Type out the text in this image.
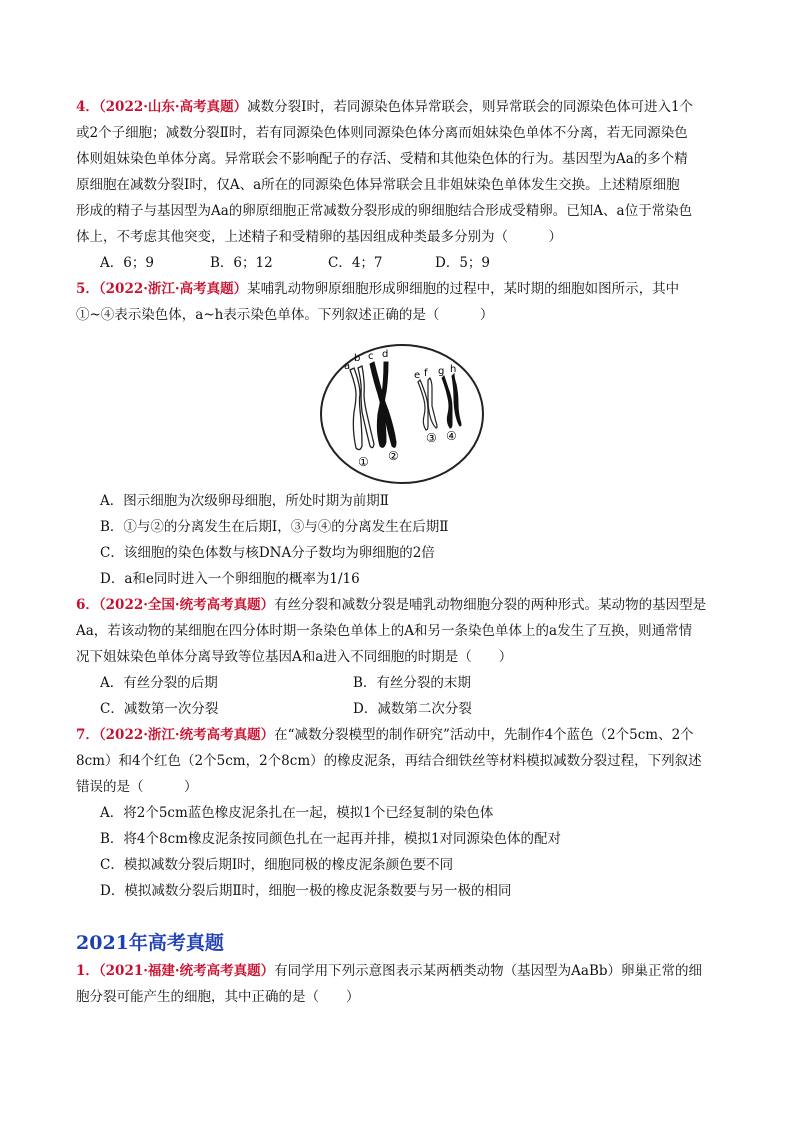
4．（2022·山东·高考真题）减数分裂Ⅰ时，若同源染色体异常联会，则异常联会的同源染色体可进入1个

或2个子细胞；减数分裂Ⅱ时，若有同源染色体则同源染色体分离而姐妹染色单体不分离，若无同源染色

体则姐妹染色单体分离。异常联会不影响配子的存活、受精和其他染色体的行为。基因型为Aa的多个精

原细胞在减数分裂Ⅰ时，仅A、a所在的同源染色体异常联会且非姐妹染色单体发生交换。上述精原细胞

形成的精子与基因型为Aa的卵原细胞正常减数分裂形成的卵细胞结合形成受精卵。已知A、a位于常染色

体上，不考虑其他突变，上述精子和受精卵的基因组成种类最多分别为（　　　）

A．6；9	B．6；12	C．4；7	D．5；9

5．（2022·浙江·高考真题）某哺乳动物卵原细胞形成卵细胞的过程中，某时期的细胞如图所示，其中

①~④表示染色体，a~h表示染色单体。下列叙述正确的是（　　　）

a
b c d
e f g h
① ②
③ ④
A．图示细胞为次级卵母细胞，所处时期为前期Ⅱ
B．①与②的分离发生在后期Ⅰ，③与④的分离发生在后期Ⅱ
C．该细胞的染色体数与核DNA分子数均为卵细胞的2倍
D．a和e同时进入一个卵细胞的概率为1/16

6．（2022·全国·统考高考真题）有丝分裂和减数分裂是哺乳动物细胞分裂的两种形式。某动物的基因型是

Aa，若该动物的某细胞在四分体时期一条染色单体上的A和另一条染色单体上的a发生了互换，则通常情

况下姐妹染色单体分离导致等位基因A和a进入不同细胞的时期是（　　）

A．有丝分裂的后期	B．有丝分裂的末期
C．减数第一次分裂	D．减数第二次分裂

7．（2022·浙江·统考高考真题）在“减数分裂模型的制作研究”活动中，先制作4个蓝色（2个5cm、2个

8cm）和4个红色（2个5cm，2个8cm）的橡皮泥条，再结合细铁丝等材料模拟减数分裂过程，下列叙述

错误的是（　　　）

A．将2个5cm蓝色橡皮泥条扎在一起，模拟1个已经复制的染色体
B．将4个8cm橡皮泥条按同颜色扎在一起再并排，模拟1对同源染色体的配对
C．模拟减数分裂后期Ⅰ时，细胞同极的橡皮泥条颜色要不同
D．模拟减数分裂后期Ⅱ时，细胞一极的橡皮泥条数要与另一极的相同
2021年高考真题

1．（2021·福建·统考高考真题）有同学用下列示意图表示某两栖类动物（基因型为AaBb）卵巢正常的细

胞分裂可能产生的细胞，其中正确的是（　　）
